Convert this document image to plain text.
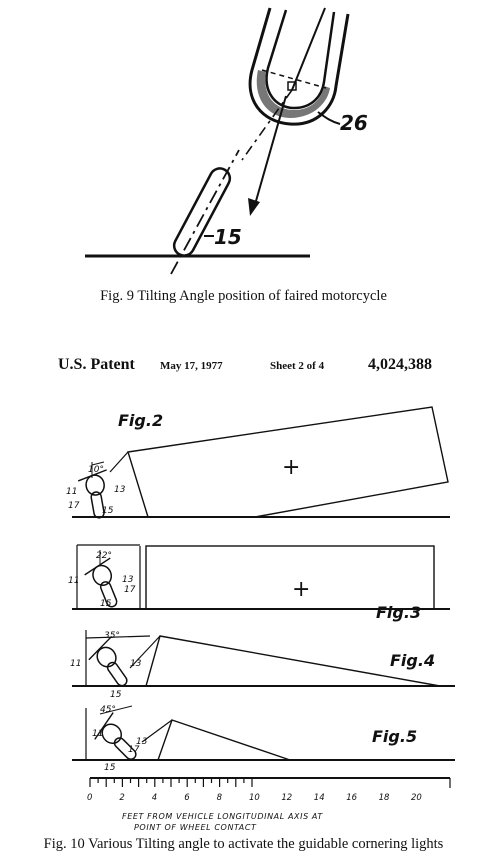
26
15
Fig. 9 Tilting Angle position of faired motorcycle
U.S. Patent May 17, 1977	Sheet 2 of 4	4,024,388
Fig.2
+
10°
11	13
17	15
+
Fig.3
22°
11	13
17
15
Fig.4
35°
11	13
15
Fig.5
45°
11
13
17
15
0	2	4	6	8	10	12	14	16	18	20
FEET FROM VEHICLE LONGITUDINAL AXIS AT
POINT OF WHEEL CONTACT
Fig. 10 Various Tilting angle to activate the guidable cornering lights
